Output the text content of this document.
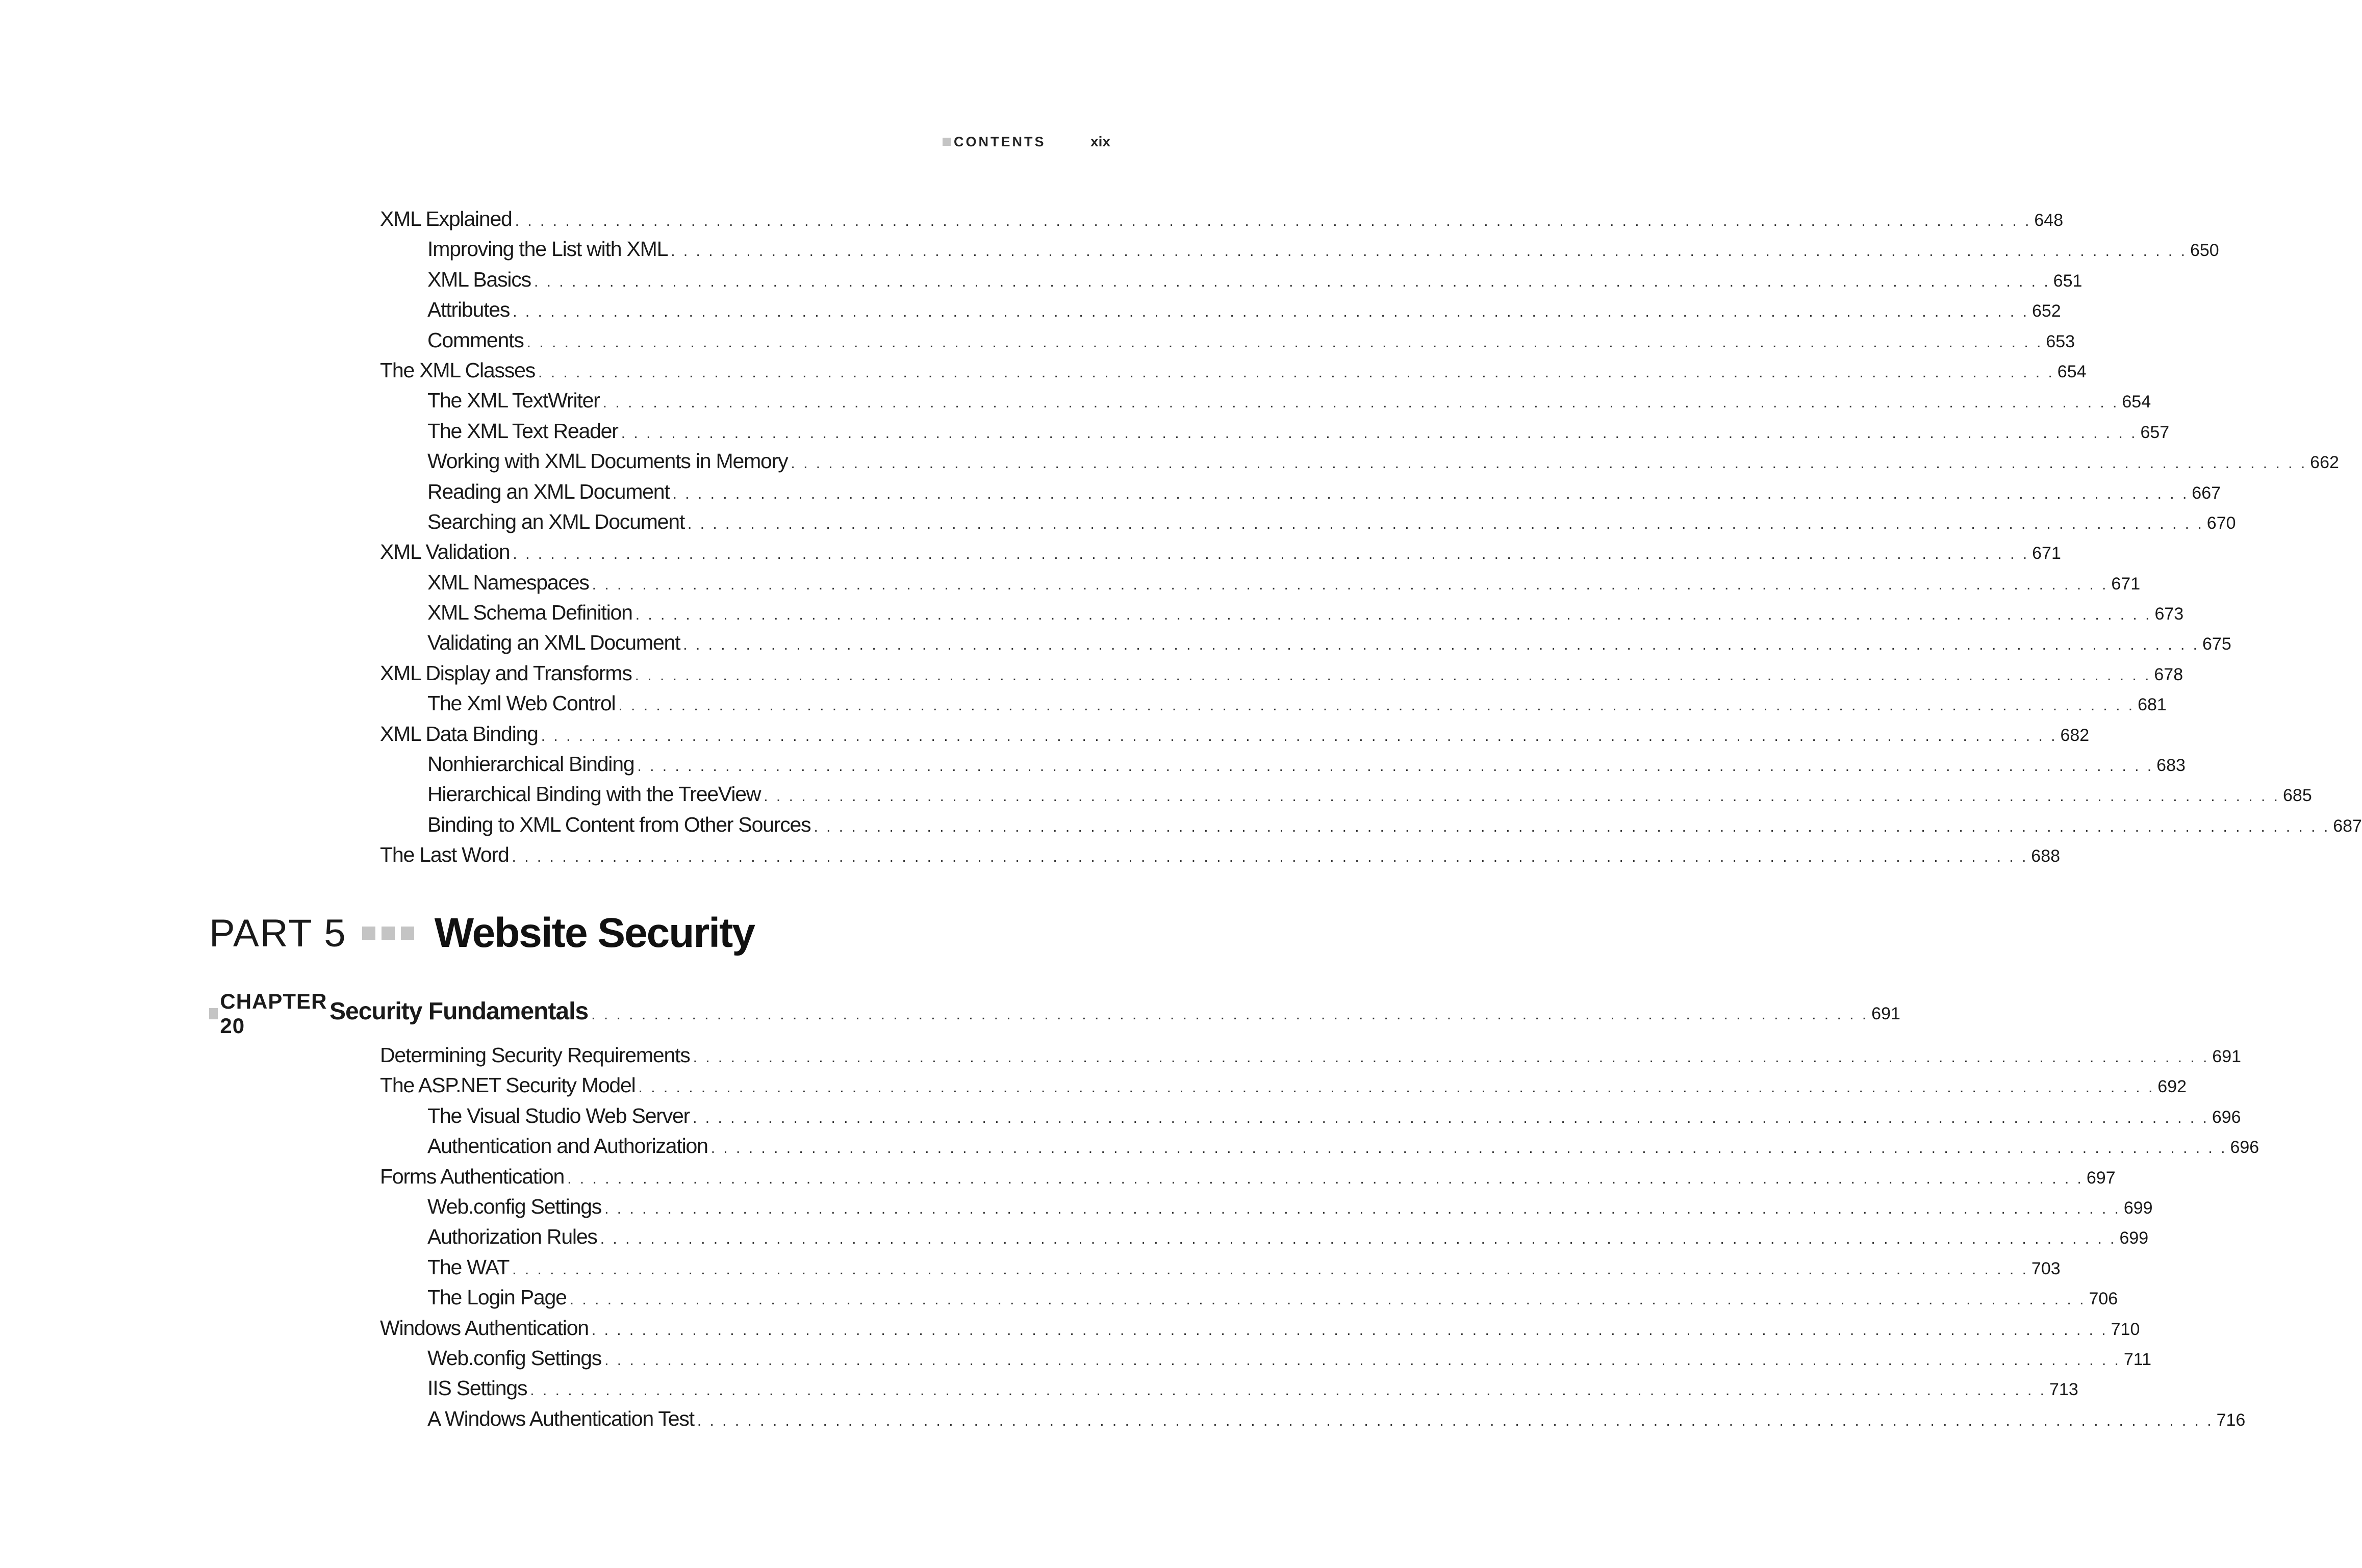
CONTENTS	xix
XML Explained . . .	648
Improving the List with XML . . .	650
XML Basics . . .	651
Attributes . . .	652
Comments . . .	653
The XML Classes . . .	654
The XML TextWriter . . .	654
The XML Text Reader . . .	657
Working with XML Documents in Memory . . .	662
Reading an XML Document . . .	667
Searching an XML Document . . .	670
XML Validation . . .	671
XML Namespaces . . .	671
XML Schema Definition . . .	673
Validating an XML Document . . .	675
XML Display and Transforms . . .	678
The Xml Web Control . . .	681
XML Data Binding . . .	682
Nonhierarchical Binding . . .	683
Hierarchical Binding with the TreeView . . .	685
Binding to XML Content from Other Sources . . .	687
The Last Word . . .	688
PART 5 Website Security
CHAPTER 20
Security Fundamentals . . .	691
Determining Security Requirements . . .	691
The ASP.NET Security Model . . .	692
The Visual Studio Web Server . . .	696
Authentication and Authorization . . .	696
Forms Authentication . . .	697
Web.config Settings . . .	699
Authorization Rules . . .	699
The WAT . . .	703
The Login Page . . .	706
Windows Authentication . . .	710
Web.config Settings . . .	711
IIS Settings . . .	713
A Windows Authentication Test . . .	716
